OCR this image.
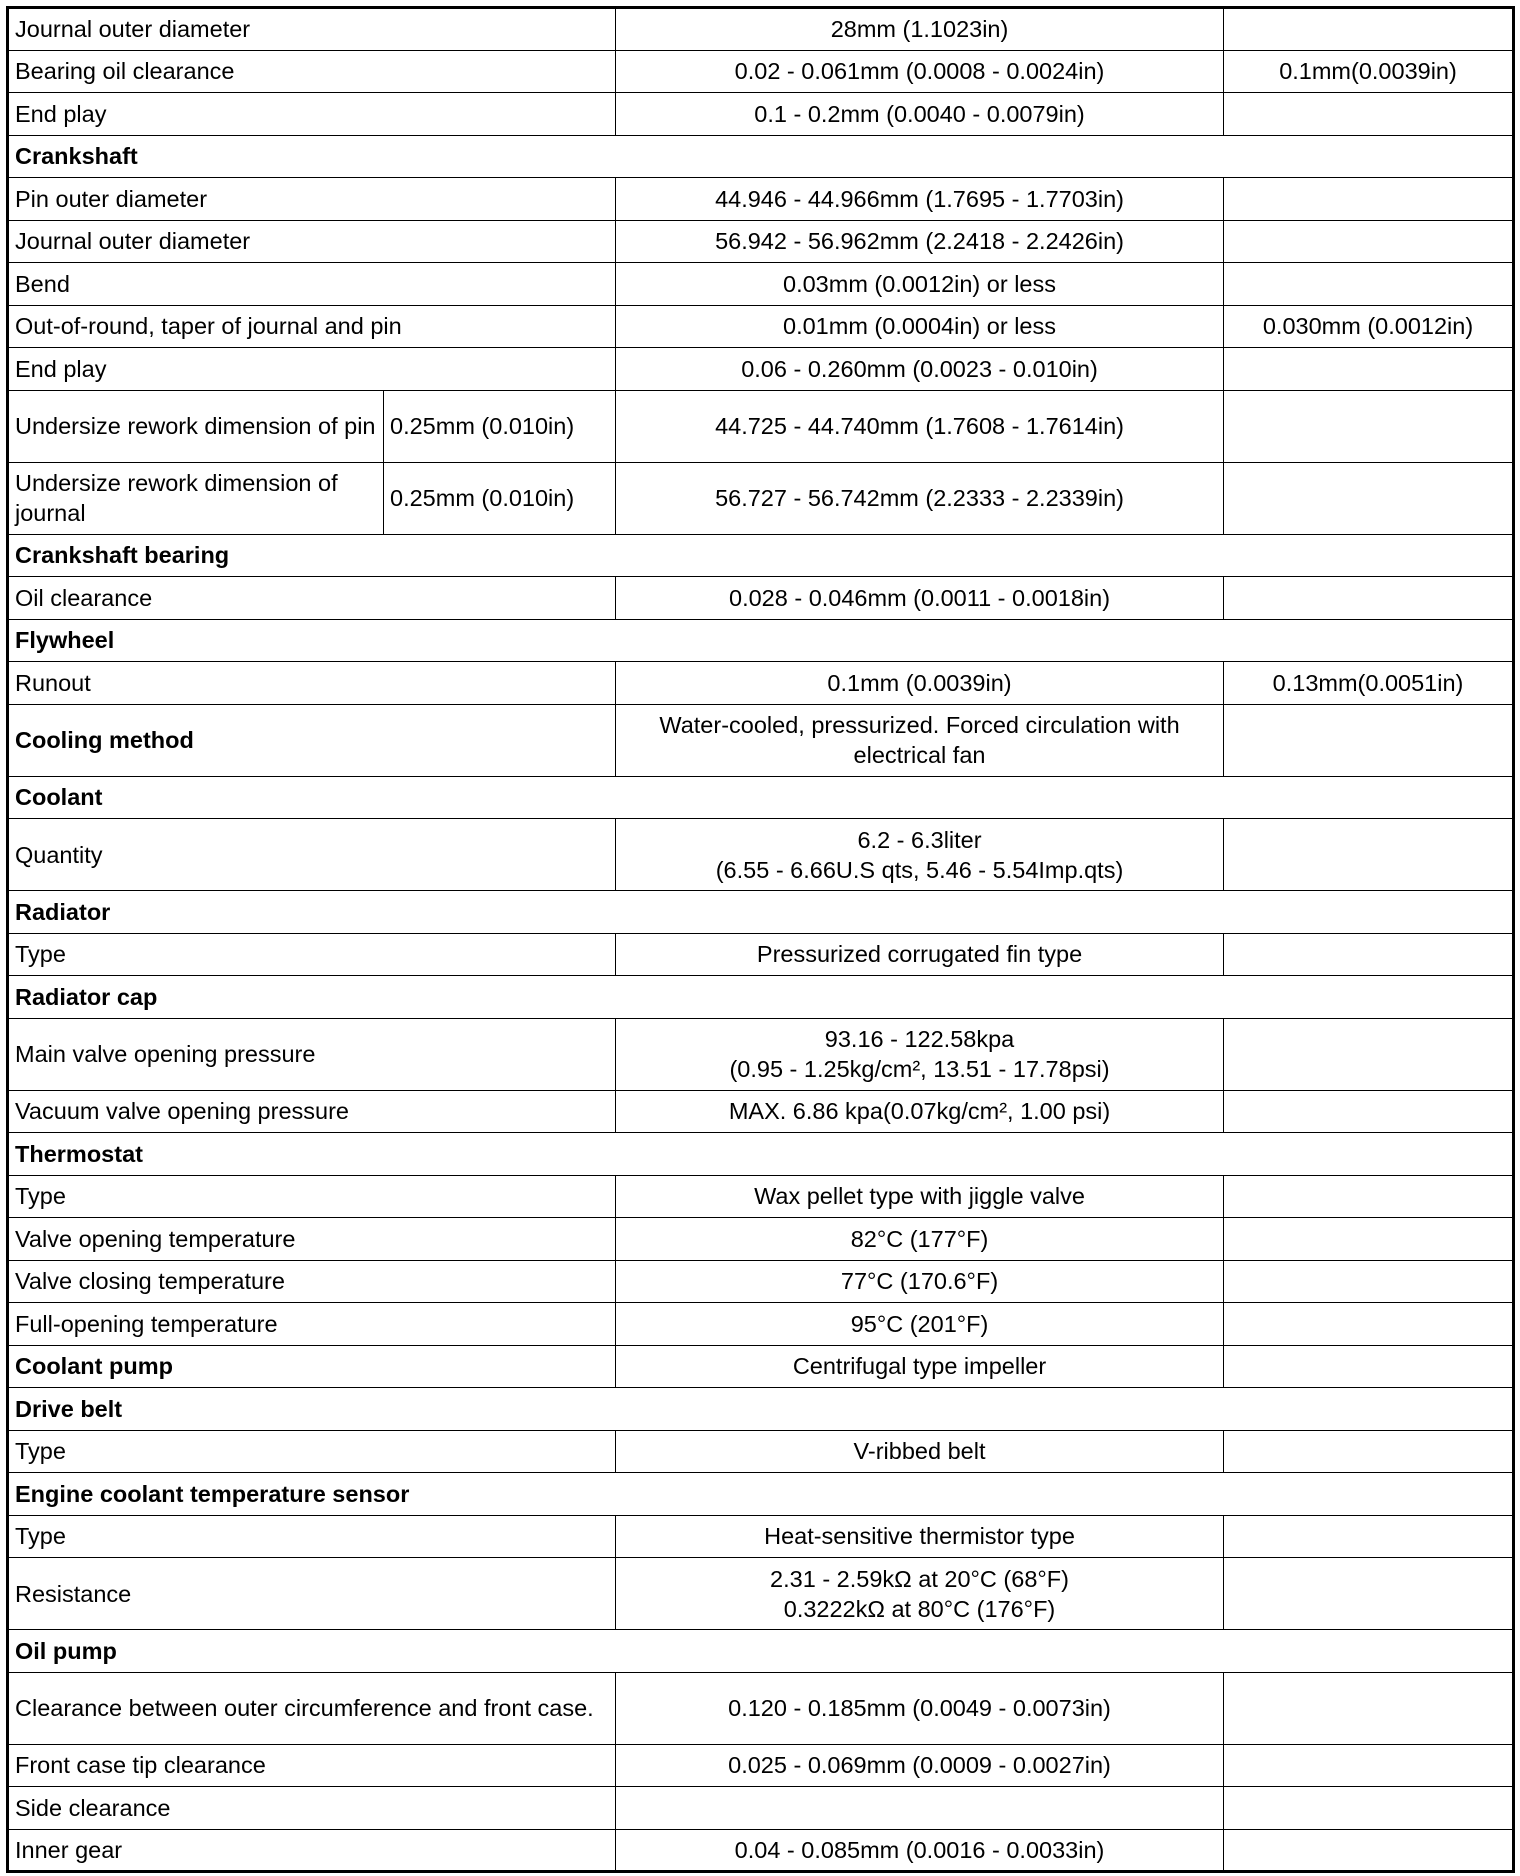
Journal outer diameter		28mm (1.1023in)	
Bearing oil clearance		0.02 - 0.061mm (0.0008 - 0.0024in)	0.1mm(0.0039in)
End play		0.1 - 0.2mm (0.0040 - 0.0079in)	
Crankshaft			
Pin outer diameter		44.946 - 44.966mm (1.7695 - 1.7703in)	
Journal outer diameter		56.942 - 56.962mm (2.2418 - 2.2426in)	
Bend		0.03mm (0.0012in) or less	
Out-of-round, taper of journal and pin		0.01mm (0.0004in) or less	0.030mm (0.0012in)
End play		0.06 - 0.260mm (0.0023 - 0.010in)	
Undersize rework dimension of pin	0.25mm (0.010in)	44.725 - 44.740mm (1.7608 - 1.7614in)	
Undersize rework dimension of journal	0.25mm (0.010in)	56.727 - 56.742mm (2.2333 - 2.2339in)	
Crankshaft bearing			
Oil clearance		0.028 - 0.046mm (0.0011 - 0.0018in)	
Flywheel			
Runout		0.1mm (0.0039in)	0.13mm(0.0051in)
Cooling method		Water-cooled, pressurized. Forced circulation with electrical fan	
Coolant			
Quantity		6.2 - 6.3liter
(6.55 - 6.66U.S qts, 5.46 - 5.54Imp.qts)	

Radiator			
Type		Pressurized corrugated fin type	
Radiator cap			
Main valve opening pressure		93.16 - 122.58kpa
(0.95 - 1.25kg/cm², 13.51 - 17.78psi)	

Vacuum valve opening pressure		MAX. 6.86 kpa(0.07kg/cm², 1.00 psi)	
Thermostat			
Type		Wax pellet type with jiggle valve	
Valve opening temperature		82°C (177°F)	
Valve closing temperature		77°C (170.6°F)	
Full-opening temperature		95°C (201°F)	
Coolant pump		Centrifugal type impeller	
Drive belt			
Type		V-ribbed belt	
Engine coolant temperature sensor			
Type		Heat-sensitive thermistor type	
Resistance		2.31 - 2.59kΩ at 20°C (68°F)
0.3222kΩ at 80°C (176°F)	

Oil pump			
Clearance between outer circumference and front case.		0.120 - 0.185mm (0.0049 - 0.0073in)	
Front case tip clearance		0.025 - 0.069mm (0.0009 - 0.0027in)	
Side clearance			
Inner gear		0.04 - 0.085mm (0.0016 - 0.0033in)	
